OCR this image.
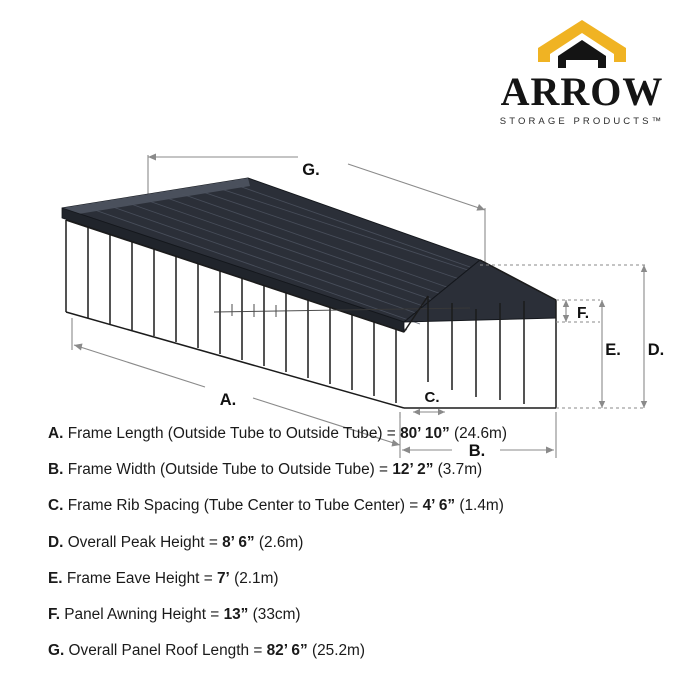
ARROW
STORAGE PRODUCTS™
G.
A.
B.
C.
F.
E. D.
A. Frame Length (Outside Tube to Outside Tube) = 80’ 10” (24.6m)
B. Frame Width (Outside Tube to Outside Tube) = 12’ 2” (3.7m)
C. Frame Rib Spacing (Tube Center to Tube Center) = 4’ 6” (1.4m)
D. Overall Peak Height = 8’ 6” (2.6m)
E. Frame Eave Height = 7’ (2.1m)
F. Panel Awning Height = 13” (33cm)
G. Overall Panel Roof Length = 82’ 6” (25.2m)
